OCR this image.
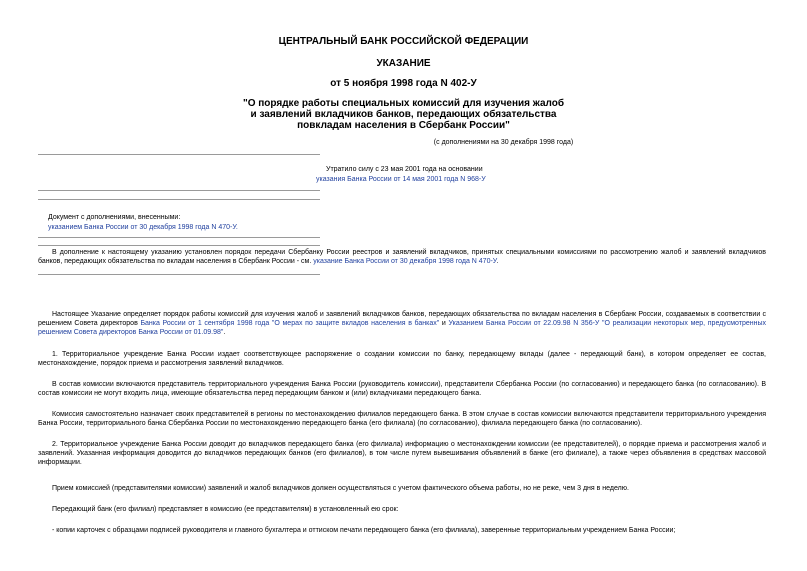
ЦЕНТРАЛЬНЫЙ БАНК РОССИЙСКОЙ ФЕДЕРАЦИИ
УКАЗАНИЕ
от 5 ноября 1998 года N 402-У
"О порядке работы специальных комиссий для изучения жалоб
и заявлений вкладчиков банков, передающих обязательства
повкладам населения в Сбербанк России"
(с дополнениями на 30 декабря 1998 года)
Утратило силу с 23 мая 2001 года на основании
указания Банка России от 14 мая 2001 года N 968-У
Документ с дополнениями, внесенными:
указанием Банка России от 30 декабря 1998 года N 470-У.
В дополнение к настоящему указанию установлен порядок передачи Сбербанку России реестров и заявлений вкладчиков, принятых специальными комиссиями по рассмотрению жалоб и заявлений вкладчиков банков, передающих обязательства по вкладам населения в Сбербанк России - см. указание Банка России от 30 декабря 1998 года N 470-У.
Настоящее Указание определяет порядок работы комиссий для изучения жалоб и заявлений вкладчиков банков, передающих обязательства по вкладам населения в Сбербанк России, создаваемых в соответствии с решением Совета директоров Банка России от 1 сентября 1998 года "О мерах по защите вкладов населения в банках" и Указанием Банка России от 22.09.98 N 356-У "О реализации некоторых мер, предусмотренных решением Совета директоров Банка России от 01.09.98".
1. Территориальное учреждение Банка России издает соответствующее распоряжение о создании комиссии по банку, передающему вклады (далее - передающий банк), в котором определяет ее состав, местонахождение, порядок приема и рассмотрения заявлений вкладчиков.
В состав комиссии включаются представитель территориального учреждения Банка России (руководитель комиссии), представители Сбербанка России (по согласованию) и передающего банка (по согласованию). В состав комиссии не могут входить лица, имеющие обязательства перед передающим банком и (или) вкладчиками передающего банка.
Комиссия самостоятельно назначает своих представителей в регионы по местонахождению филиалов передающего банка. В этом случае в состав комиссии включаются представители территориального учреждения Банка России, территориального банка Сбербанка России по местонахождению передающего банка (его филиала) (по согласованию), филиала передающего банка (по согласованию).
2. Территориальное учреждение Банка России доводит до вкладчиков передающего банка (его филиала) информацию о местонахождении комиссии (ее представителей), о порядке приема и рассмотрения жалоб и заявлений. Указанная информация доводится до вкладчиков передающих банков (его филиалов), в том числе путем вывешивания объявлений в банке (его филиале), а также через объявления в средствах массовой информации.
Прием комиссией (представителями комиссии) заявлений и жалоб вкладчиков должен осуществляться с учетом фактического объема работы, но не реже, чем 3 дня в неделю.
Передающий банк (его филиал) представляет в комиссию (ее представителям) в установленный ею срок:
- копии карточек с образцами подписей руководителя и главного бухгалтера и оттиском печати передающего банка (его филиала), заверенные территориальным учреждением Банка России;
